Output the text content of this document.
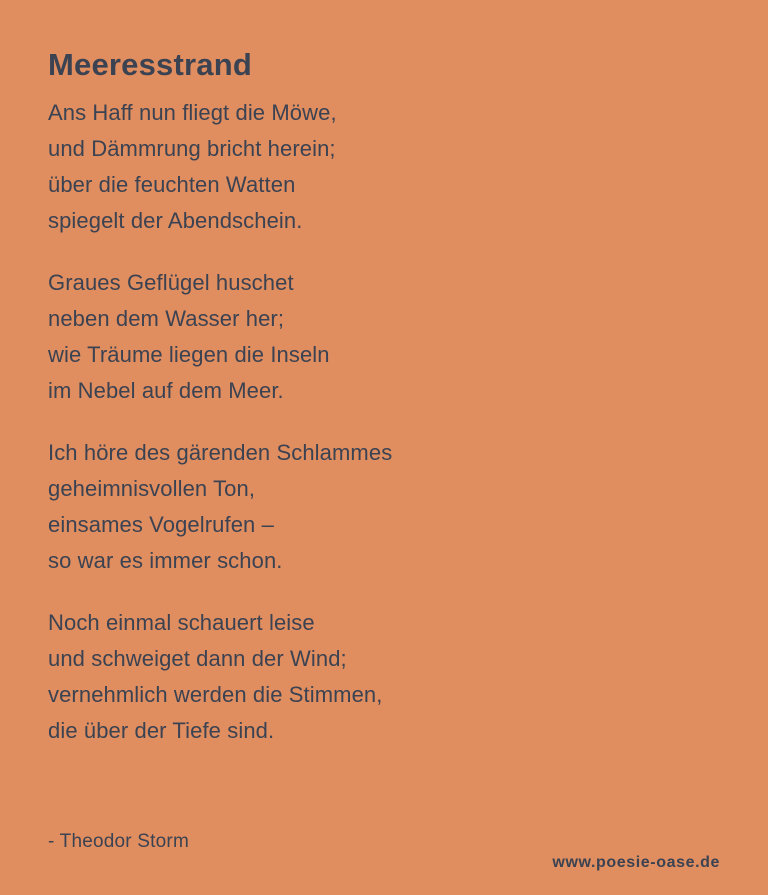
Meeresstrand
Ans Haff nun fliegt die Möwe,
und Dämmrung bricht herein;
über die feuchten Watten
spiegelt der Abendschein.
Graues Geflügel huschet
neben dem Wasser her;
wie Träume liegen die Inseln
im Nebel auf dem Meer.
Ich höre des gärenden Schlammes
geheimnisvollen Ton,
einsames Vogelrufen –
so war es immer schon.
Noch einmal schauert leise
und schweiget dann der Wind;
vernehmlich werden die Stimmen,
die über der Tiefe sind.
- Theodor Storm
www.poesie-oase.de
